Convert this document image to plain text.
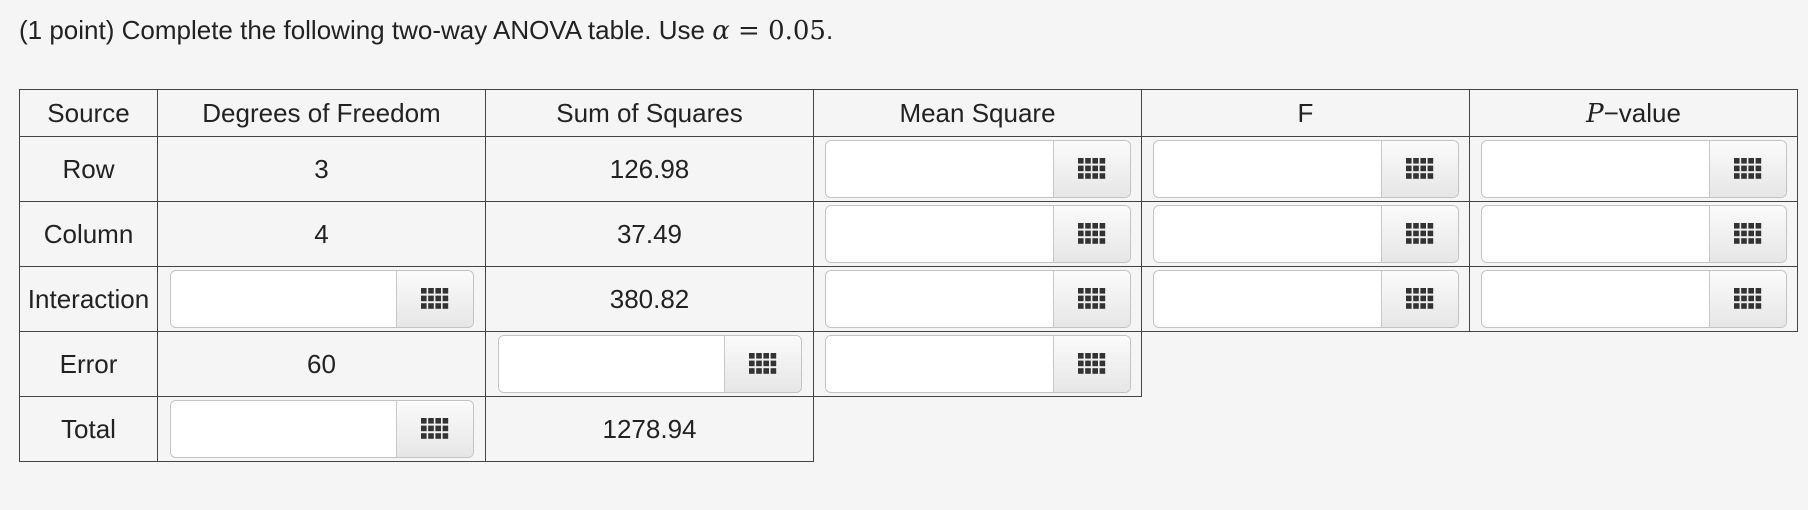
(1 point) Complete the following two-way ANOVA table. Use α = 0.05.
Source	Degrees of Freedom	Sum of Squares	Mean Square	F	P−value
Row	3	126.98	

Column	4	37.49	

Interaction		380.82	

Error	60	

Total		1278.94			
